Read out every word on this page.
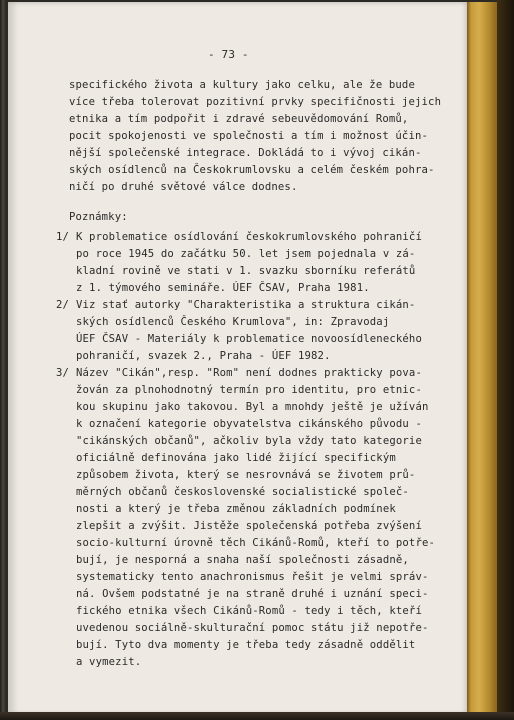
- 73 -
specifického života a kultury jako celku, ale že bude
více třeba tolerovat pozitivní prvky specifičnosti jejich
etnika a tím podpořit i zdravé sebeuvědomování Romů,
pocit spokojenosti ve společnosti a tím i možnost účin-
nější společenské integrace. Dokládá to i vývoj cikán-
ských osídlenců na Českokrumlovsku a celém českém pohra-
ničí po druhé světové válce dodnes.
Poznámky:
1/ K problematice osídlování českokrumlovského pohraničí
po roce 1945 do začátku 50. let jsem pojednala v zá-
kladní rovině ve stati v 1. svazku sborníku referátů
z 1. týmového semináře. ÚEF ČSAV, Praha 1981.
2/ Viz stať autorky "Charakteristika a struktura cikán-
ských osídlenců Českého Krumlova", in: Zpravodaj
ÚEF ČSAV - Materiály k problematice novoosídleneckého
pohraničí, svazek 2., Praha - ÚEF 1982.
3/ Název "Cikán",resp. "Rom" není dodnes prakticky pova-
žován za plnohodnotný termín pro identitu, pro etnic-
kou skupinu jako takovou. Byl a mnohdy ještě je užíván
k označení kategorie obyvatelstva cikánského původu -
"cikánských občanů", ačkoliv byla vždy tato kategorie
oficiálně definována jako lidé žijící specifickým
způsobem života, který se nesrovnává se životem prů-
měrných občanů československé socialistické společ-
nosti a který je třeba změnou základních podmínek
zlepšit a zvýšit. Jistěže společenská potřeba zvýšení
socio-kulturní úrovně těch Cikánů-Romů, kteří to potře-
bují, je nesporná a snaha naší společnosti zásadně,
systematicky tento anachronismus řešit je velmi správ-
ná. Ovšem podstatné je na straně druhé i uznání speci-
fického etnika všech Cikánů-Romů - tedy i těch, kteří
uvedenou sociálně-skulturační pomoc státu již nepotře-
bují. Tyto dva momenty je třeba tedy zásadně oddělit
a vymezit.
